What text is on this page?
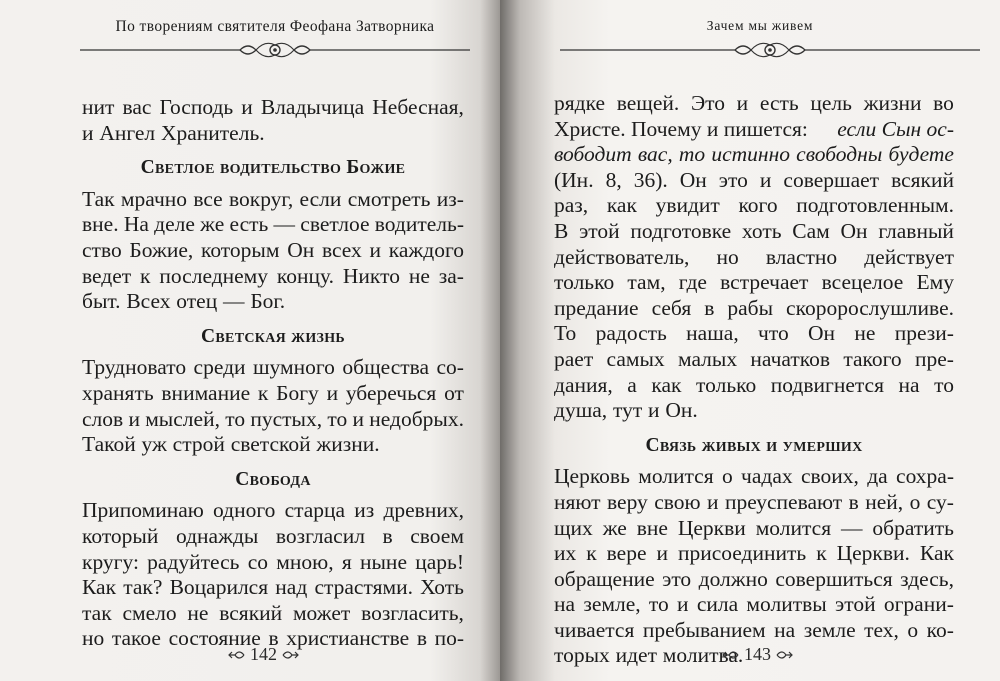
По творениям святителя Феофана Затворника
нит вас Господь и Владычица Небесная,
и Ангел Хранитель.
Светлое водительство Божие
Так мрачно все вокруг, если смотреть из-
вне. На деле же есть — светлое водитель-
ство Божие, которым Он всех и каждого
ведет к последнему концу. Никто не за-
быт. Всех отец — Бог.
Светская жизнь
Трудновато среди шумного общества со-
хранять внимание к Богу и уберечься от
слов и мыслей, то пустых, то и недобрых.
Такой уж строй светской жизни.
Свобода
Припоминаю одного старца из древних,
который однажды возгласил в своем
кругу: радуйтесь со мною, я ныне царь!
Как так? Воцарился над страстями. Хоть
так смело не всякий может возгласить,
но такое состояние в христианстве в по-
142
Зачем мы живем
рядке вещей. Это и есть цель жизни во
Христе. Почему и пишется: если Сын ос-
вободит вас, то истинно свободны будете
(Ин. 8, 36). Он это и совершает всякий
раз, как увидит кого подготовленным.
В этой подготовке хоть Сам Он главный
действователь, но властно действует
только там, где встречает всецелое Ему
предание себя в рабы скороpослушливе.
То радость наша, что Он не прези-
рает самых малых начатков такого пре-
дания, а как только подвигнется на то
душа, тут и Он.
Связь живых и умерших
Церковь молится о чадах своих, да сохра-
няют веру свою и преуспевают в ней, о су-
щих же вне Церкви молится — обратить
их к вере и присоединить к Церкви. Как
обращение это должно совершиться здесь,
на земле, то и сила молитвы этой ограни-
чивается пребыванием на земле тех, о ко-
торых идет молитва. 143
